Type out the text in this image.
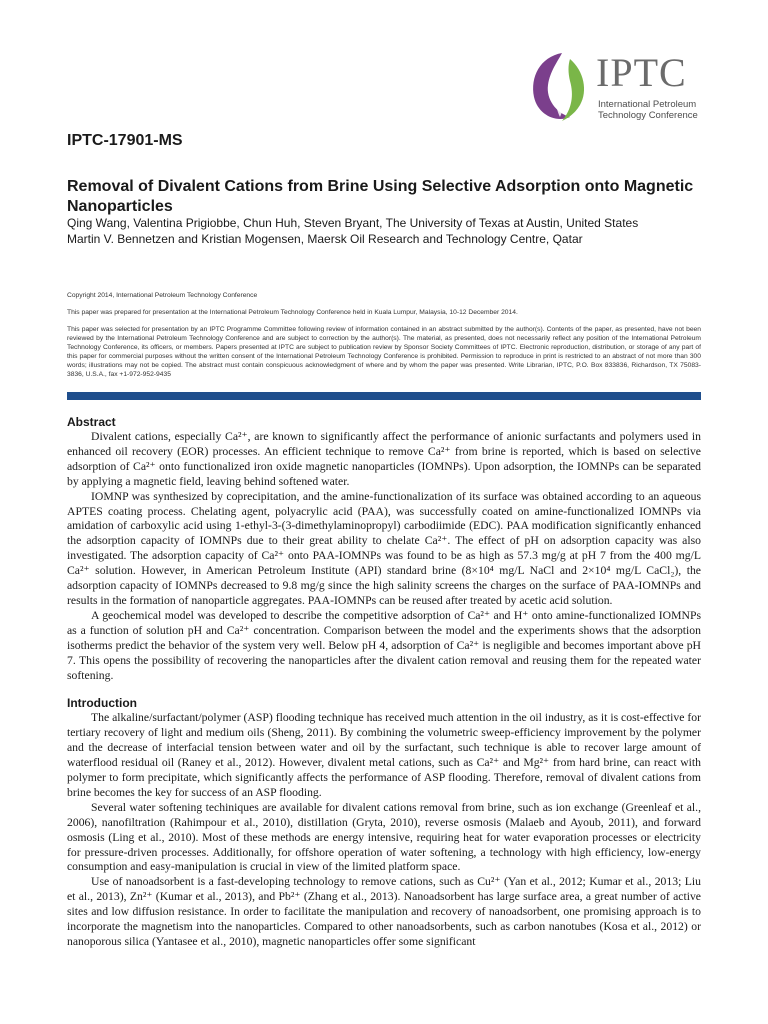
IPTC
International Petroleum
Technology Conference
IPTC-17901-MS
Removal of Divalent Cations from Brine Using Selective Adsorption onto Magnetic Nanoparticles
Qing Wang, Valentina Prigiobbe, Chun Huh, Steven Bryant, The University of Texas at Austin, United States
Martin V. Bennetzen and Kristian Mogensen, Maersk Oil Research and Technology Centre, Qatar

Copyright 2014, International Petroleum Technology Conference

This paper was prepared for presentation at the International Petroleum Technology Conference held in Kuala Lumpur, Malaysia, 10-12 December 2014.

This paper was selected for presentation by an IPTC Programme Committee following review of information contained in an abstract submitted by the author(s). Contents of the paper, as presented, have not been reviewed by the International Petroleum Technology Conference and are subject to correction by the author(s). The material, as presented, does not necessarily reflect any position of the International Petroleum Technology Conference, its officers, or members. Papers presented at IPTC are subject to publication review by Sponsor Society Committees of IPTC. Electronic reproduction, distribution, or storage of any part of this paper for commercial purposes without the written consent of the International Petroleum Technology Conference is prohibited. Permission to reproduce in print is restricted to an abstract of not more than 300 words; illustrations may not be copied. The abstract must contain conspicuous acknowledgment of where and by whom the paper was presented. Write Librarian, IPTC, P.O. Box 833836, Richardson, TX 75083-3836, U.S.A., fax +1-972-952-9435

Abstract

Divalent cations, especially Ca²⁺, are known to significantly affect the performance of anionic surfactants and polymers used in enhanced oil recovery (EOR) processes. An efficient technique to remove Ca²⁺ from brine is reported, which is based on selective adsorption of Ca²⁺ onto functionalized iron oxide magnetic nanoparticles (IOMNPs). Upon adsorption, the IOMNPs can be separated by applying a magnetic field, leaving behind softened water.

IOMNP was synthesized by coprecipitation, and the amine-functionalization of its surface was obtained according to an aqueous APTES coating process. Chelating agent, polyacrylic acid (PAA), was successfully coated on amine-functionalized IOMNPs via amidation of carboxylic acid using 1-ethyl-3-(3-dimethylaminopropyl) carbodiimide (EDC). PAA modification significantly enhanced the adsorption capacity of IOMNPs due to their great ability to chelate Ca²⁺. The effect of pH on adsorption capacity was also investigated. The adsorption capacity of Ca²⁺ onto PAA-IOMNPs was found to be as high as 57.3 mg/g at pH 7 from the 400 mg/L Ca²⁺ solution. However, in American Petroleum Institute (API) standard brine (8×10⁴ mg/L NaCl and 2×10⁴ mg/L CaCl₂), the adsorption capacity of IOMNPs decreased to 9.8 mg/g since the high salinity screens the charges on the surface of PAA-IOMNPs and results in the formation of nanoparticle aggregates. PAA-IOMNPs can be reused after treated by acetic acid solution.

A geochemical model was developed to describe the competitive adsorption of Ca²⁺ and H⁺ onto amine-functionalized IOMNPs as a function of solution pH and Ca²⁺ concentration. Comparison between the model and the experiments shows that the adsorption isotherms predict the behavior of the system very well. Below pH 4, adsorption of Ca²⁺ is negligible and becomes important above pH 7. This opens the possibility of recovering the nanoparticles after the divalent cation removal and reusing them for the repeated water softening.

Introduction

The alkaline/surfactant/polymer (ASP) flooding technique has received much attention in the oil industry, as it is cost-effective for tertiary recovery of light and medium oils (Sheng, 2011). By combining the volumetric sweep-efficiency improvement by the polymer and the decrease of interfacial tension between water and oil by the surfactant, such technique is able to recover large amount of waterflood residual oil (Raney et al., 2012). However, divalent metal cations, such as Ca²⁺ and Mg²⁺ from hard brine, can react with polymer to form precipitate, which significantly affects the performance of ASP flooding. Therefore, removal of divalent cations from brine becomes the key for success of an ASP flooding.

Several water softening techiniques are available for divalent cations removal from brine, such as ion exchange (Greenleaf et al., 2006), nanofiltration (Rahimpour et al., 2010), distillation (Gryta, 2010), reverse osmosis (Malaeb and Ayoub, 2011), and forward osmosis (Ling et al., 2010). Most of these methods are energy intensive, requiring heat for water evaporation processes or electricity for pressure-driven processes. Additionally, for offshore operation of water softening, a technology with high efficiency, low-energy consumption and easy-manipulation is crucial in view of the limited platform space.

Use of nanoadsorbent is a fast-developing technology to remove cations, such as Cu²⁺ (Yan et al., 2012; Kumar et al., 2013; Liu et al., 2013), Zn²⁺ (Kumar et al., 2013), and Pb²⁺ (Zhang et al., 2013). Nanoadsorbent has large surface area, a great number of active sites and low diffusion resistance. In order to facilitate the manipulation and recovery of nanoadsorbent, one promising approach is to incorporate the magnetism into the nanoparticles. Compared to other nanoadsorbents, such as carbon nanotubes (Kosa et al., 2012) or nanoporous silica (Yantasee et al., 2010), magnetic nanoparticles offer some significant
